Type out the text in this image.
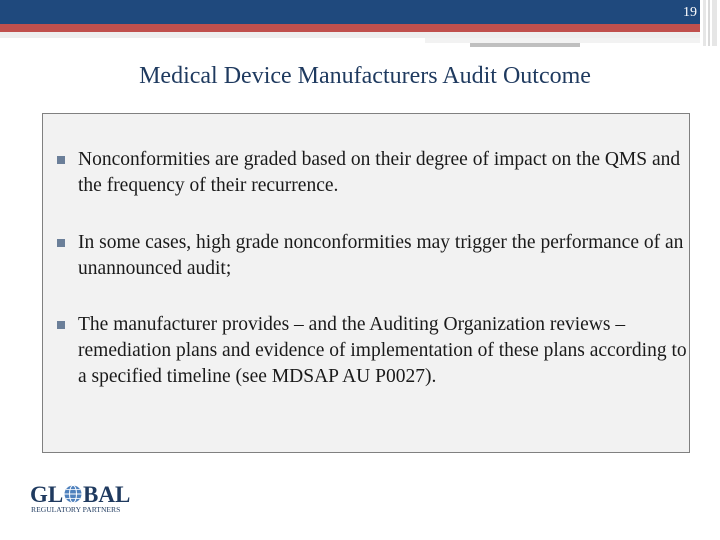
19
Medical Device Manufacturers Audit Outcome
Nonconformities are graded based on their degree of impact on the QMS and the frequency of their recurrence.
In some cases, high grade nonconformities may trigger the performance of an unannounced audit;
The manufacturer provides – and the Auditing Organization reviews – remediation plans and evidence of implementation of these plans according to a specified timeline (see MDSAP AU P0027).
GL BAL
REGULATORY PARTNERS
